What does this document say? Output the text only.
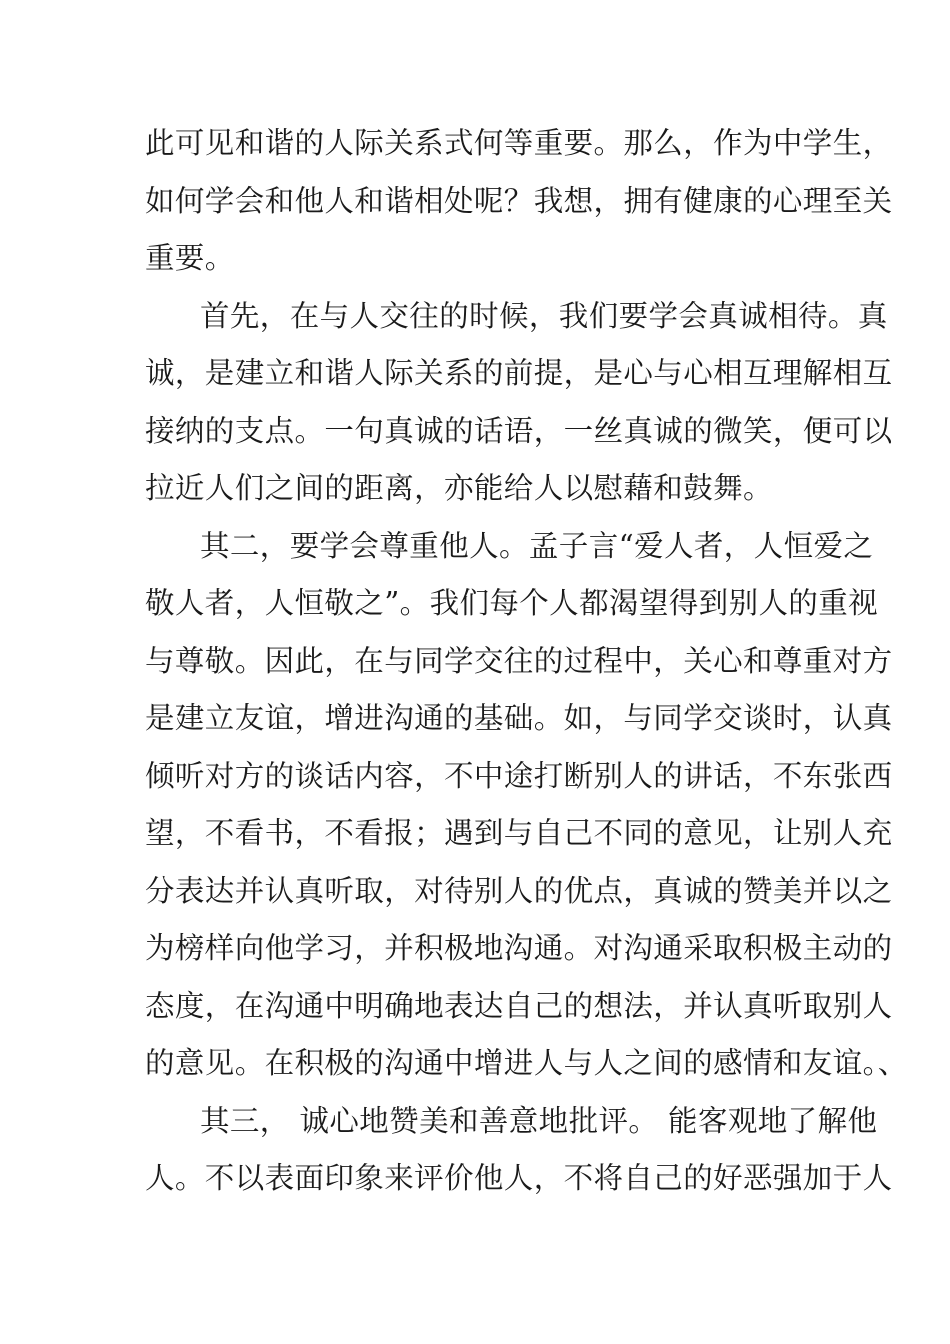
此可见和谐的人际关系式何等重要。那么，作为中学生，
如何学会和他人和谐相处呢？我想，拥有健康的心理至关
重要。
首先，在与人交往的时候，我们要学会真诚相待。真
诚，是建立和谐人际关系的前提，是心与心相互理解相互
接纳的支点。一句真诚的话语，一丝真诚的微笑，便可以
拉近人们之间的距离，亦能给人以慰藉和鼓舞。
其二，要学会尊重他人。孟子言“爱人者，人恒爱之
敬人者，人恒敬之”。我们每个人都渴望得到别人的重视
与尊敬。因此，在与同学交往的过程中，关心和尊重对方
是建立友谊，增进沟通的基础。如，与同学交谈时，认真
倾听对方的谈话内容，不中途打断别人的讲话，不东张西
望，不看书，不看报；遇到与自己不同的意见，让别人充
分表达并认真听取，对待别人的优点，真诚的赞美并以之
为榜样向他学习，并积极地沟通。对沟通采取积极主动的
态度，在沟通中明确地表达自己的想法，并认真听取别人
的意见。在积极的沟通中增进人与人之间的感情和友谊。、
其三， 诚心地赞美和善意地批评。 能客观地了解他
人。不以表面印象来评价他人，不将自己的好恶强加于人
